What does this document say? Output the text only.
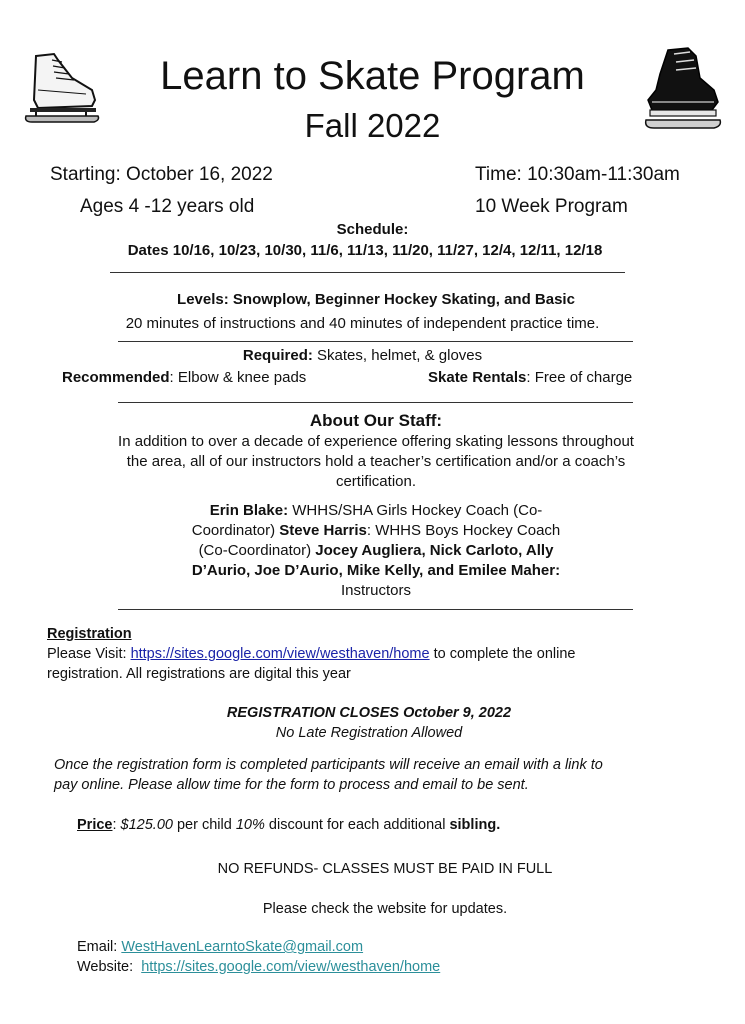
Learn to Skate Program
Fall 2022
Starting: October 16, 2022	Time: 10:30am-11:30am
Ages 4 -12 years old	10 Week Program
Schedule:
Dates 10/16, 10/23, 10/30, 11/6, 11/13, 11/20, 11/27, 12/4, 12/11, 12/18
Levels: Snowplow, Beginner Hockey Skating, and Basic
20 minutes of instructions and 40 minutes of independent practice time.
Required: Skates, helmet, & gloves
Recommended: Elbow & knee pads	Skate Rentals: Free of charge
About Our Staff:
In addition to over a decade of experience offering skating lessons throughout
the area, all of our instructors hold a teacher’s certification and/or a coach’s
certification.
Erin Blake: WHHS/SHA Girls Hockey Coach (Co-
Coordinator) Steve Harris: WHHS Boys Hockey Coach
(Co-Coordinator) Jocey Augliera, Nick Carloto, Ally
D’Aurio, Joe D’Aurio, Mike Kelly, and Emilee Maher:
Instructors
Registration
Please Visit: https://sites.google.com/view/westhaven/home to complete the online
registration. All registrations are digital this year
REGISTRATION CLOSES October 9, 2022
No Late Registration Allowed
Once the registration form is completed participants will receive an email with a link to
pay online. Please allow time for the form to process and email to be sent.
Price: $125.00 per child 10% discount for each additional sibling.
NO REFUNDS- CLASSES MUST BE PAID IN FULL
Please check the website for updates.
Email: WestHavenLearntoSkate@gmail.com
Website:  https://sites.google.com/view/westhaven/home
